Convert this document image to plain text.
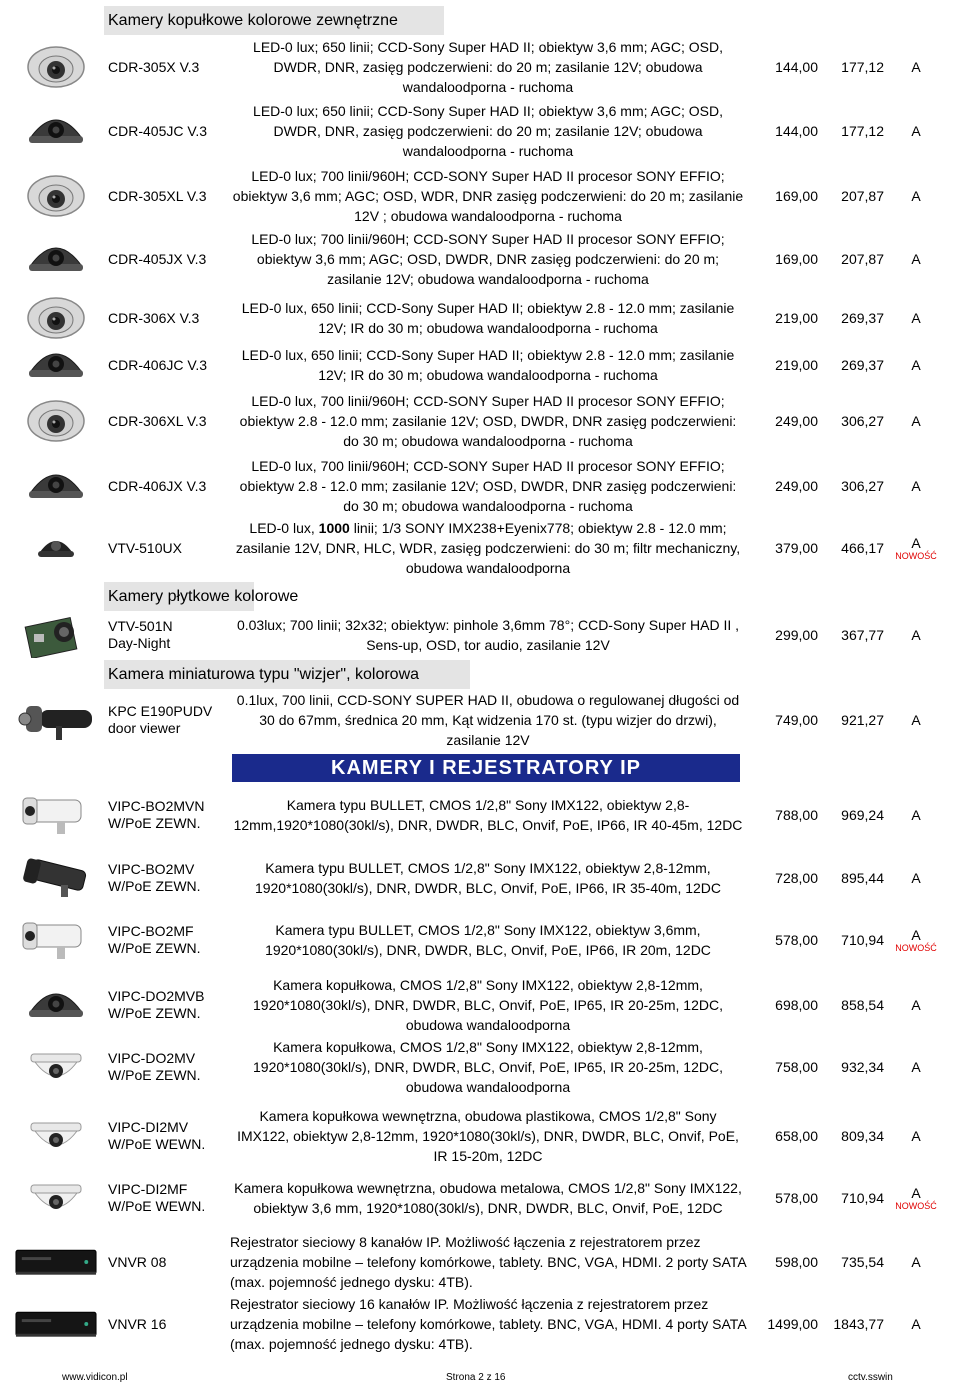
Kamery kopułkowe kolorowe zewnętrzne
Kamery płytkowe kolorowe
Kamera miniaturowa typu "wizjer", kolorowa
KAMERY I REJESTRATORY IP
CDR-305X V.3
LED-0 lux; 650 linii; CCD-Sony Super HAD II; obiektyw 3,6 mm; AGC; OSD, DWDR, DNR, zasięg podczerwieni: do 20 m; zasilanie 12V; obudowa wandaloodporna - ruchoma
144,00	177,12 A
CDR-405JC V.3
LED-0 lux; 650 linii; CCD-Sony Super HAD II; obiektyw 3,6 mm; AGC; OSD, DWDR, DNR, zasięg podczerwieni: do 20 m; zasilanie 12V; obudowa wandaloodporna - ruchoma
144,00	177,12 A
CDR-305XL V.3
LED-0 lux; 700 linii/960H; CCD-SONY Super HAD II procesor SONY EFFIO; obiektyw 3,6 mm; AGC; OSD, WDR, DNR zasięg podczerwieni: do 20 m; zasilanie 12V ; obudowa wandaloodporna - ruchoma
169,00	207,87 A
CDR-405JX V.3
LED-0 lux; 700 linii/960H; CCD-SONY Super HAD II procesor SONY EFFIO; obiektyw 3,6 mm; AGC; OSD, DWDR, DNR zasięg podczerwieni: do 20 m; zasilanie 12V; obudowa wandaloodporna - ruchoma
169,00	207,87 A
CDR-306X V.3
LED-0 lux, 650 linii; CCD-Sony Super HAD II; obiektyw 2.8 - 12.0 mm; zasilanie 12V; IR do 30 m; obudowa wandaloodporna - ruchoma
219,00	269,37 A
CDR-406JC V.3
LED-0 lux, 650 linii; CCD-Sony Super HAD II; obiektyw 2.8 - 12.0 mm; zasilanie 12V; IR do 30 m; obudowa wandaloodporna - ruchoma
219,00	269,37 A
CDR-306XL V.3
LED-0 lux, 700 linii/960H; CCD-SONY Super HAD II procesor SONY EFFIO; obiektyw 2.8 - 12.0 mm; zasilanie 12V; OSD, DWDR, DNR zasięg podczerwieni: do 30 m; obudowa wandaloodporna - ruchoma
249,00	306,27 A
CDR-406JX V.3
LED-0 lux, 700 linii/960H; CCD-SONY Super HAD II procesor SONY EFFIO; obiektyw 2.8 - 12.0 mm; zasilanie 12V; OSD, DWDR, DNR zasięg podczerwieni: do 30 m; obudowa wandaloodporna - ruchoma
249,00	306,27 A
VTV-510UX
LED-0 lux, 1000 linii; 1/3 SONY IMX238+Eyenix778; obiektyw 2.8 - 12.0 mm; zasilanie 12V, DNR, HLC, WDR, zasięg podczerwieni: do 30 m; filtr mechaniczny, obudowa wandaloodporna
379,00	466,17 A
NOWOŚĆ
VTV-501N
Day-Night
0.03lux; 700 linii; 32x32; obiektyw: pinhole 3,6mm 78°; CCD-Sony Super HAD II , Sens-up, OSD, tor audio, zasilanie 12V
299,00	367,77 A
KPC E190PUDV
door viewer
0.1lux, 700 linii, CCD-SONY SUPER HAD II, obudowa o regulowanej długości od 30 do 67mm, średnica 20 mm, Kąt widzenia 170 st. (typu wizjer do drzwi), zasilanie 12V
749,00	921,27 A
VIPC-BO2MVN
W/PoE ZEWN.
Kamera typu BULLET, CMOS 1/2,8" Sony IMX122, obiektyw 2,8-12mm,1920*1080(30kl/s), DNR, DWDR, BLC, Onvif, PoE, IP66, IR 40-45m, 12DC
788,00	969,24 A
VIPC-BO2MV
W/PoE ZEWN.
Kamera typu BULLET, CMOS 1/2,8" Sony IMX122, obiektyw 2,8-12mm, 1920*1080(30kl/s), DNR, DWDR, BLC, Onvif, PoE, IP66, IR 35-40m, 12DC
728,00	895,44 A
VIPC-BO2MF
W/PoE ZEWN.
Kamera typu BULLET, CMOS 1/2,8" Sony IMX122, obiektyw 3,6mm, 1920*1080(30kl/s), DNR, DWDR, BLC, Onvif, PoE, IP66, IR 20m, 12DC
578,00	710,94 A
NOWOŚĆ
VIPC-DO2MVB
W/PoE ZEWN.
Kamera kopułkowa, CMOS 1/2,8" Sony IMX122, obiektyw 2,8-12mm, 1920*1080(30kl/s), DNR, DWDR, BLC, Onvif, PoE, IP65, IR 20-25m, 12DC, obudowa wandaloodporna
698,00	858,54 A
VIPC-DO2MV
W/PoE ZEWN.
Kamera kopułkowa, CMOS 1/2,8" Sony IMX122, obiektyw 2,8-12mm, 1920*1080(30kl/s), DNR, DWDR, BLC, Onvif, PoE, IP65, IR 20-25m, 12DC, obudowa wandaloodporna
758,00	932,34 A
VIPC-DI2MV
W/PoE WEWN.
Kamera kopułkowa wewnętrzna, obudowa plastikowa, CMOS 1/2,8" Sony IMX122, obiektyw 2,8-12mm, 1920*1080(30kl/s), DNR, DWDR, BLC, Onvif, PoE, IR 15-20m, 12DC
658,00	809,34 A
VIPC-DI2MF
W/PoE WEWN.
Kamera kopułkowa wewnętrzna, obudowa metalowa, CMOS 1/2,8" Sony IMX122, obiektyw 3,6 mm, 1920*1080(30kl/s), DNR, DWDR, BLC, Onvif, PoE, 12DC
578,00	710,94 A
NOWOŚĆ
VNVR 08
Rejestrator sieciowy 8 kanałów IP. Możliwość łączenia z rejestratorem przez urządzenia mobilne – telefony komórkowe, tablety. BNC, VGA, HDMI. 2 porty SATA (max. pojemność jednego dysku: 4TB).
598,00	735,54 A
VNVR 16
Rejestrator sieciowy 16 kanałów IP. Możliwość łączenia z rejestratorem przez urządzenia mobilne – telefony komórkowe, tablety. BNC, VGA, HDMI. 4 porty SATA (max. pojemność jednego dysku: 4TB).
1499,00	1843,77 A
www.vidicon.pl	Strona 2 z 16	cctv.sswin
